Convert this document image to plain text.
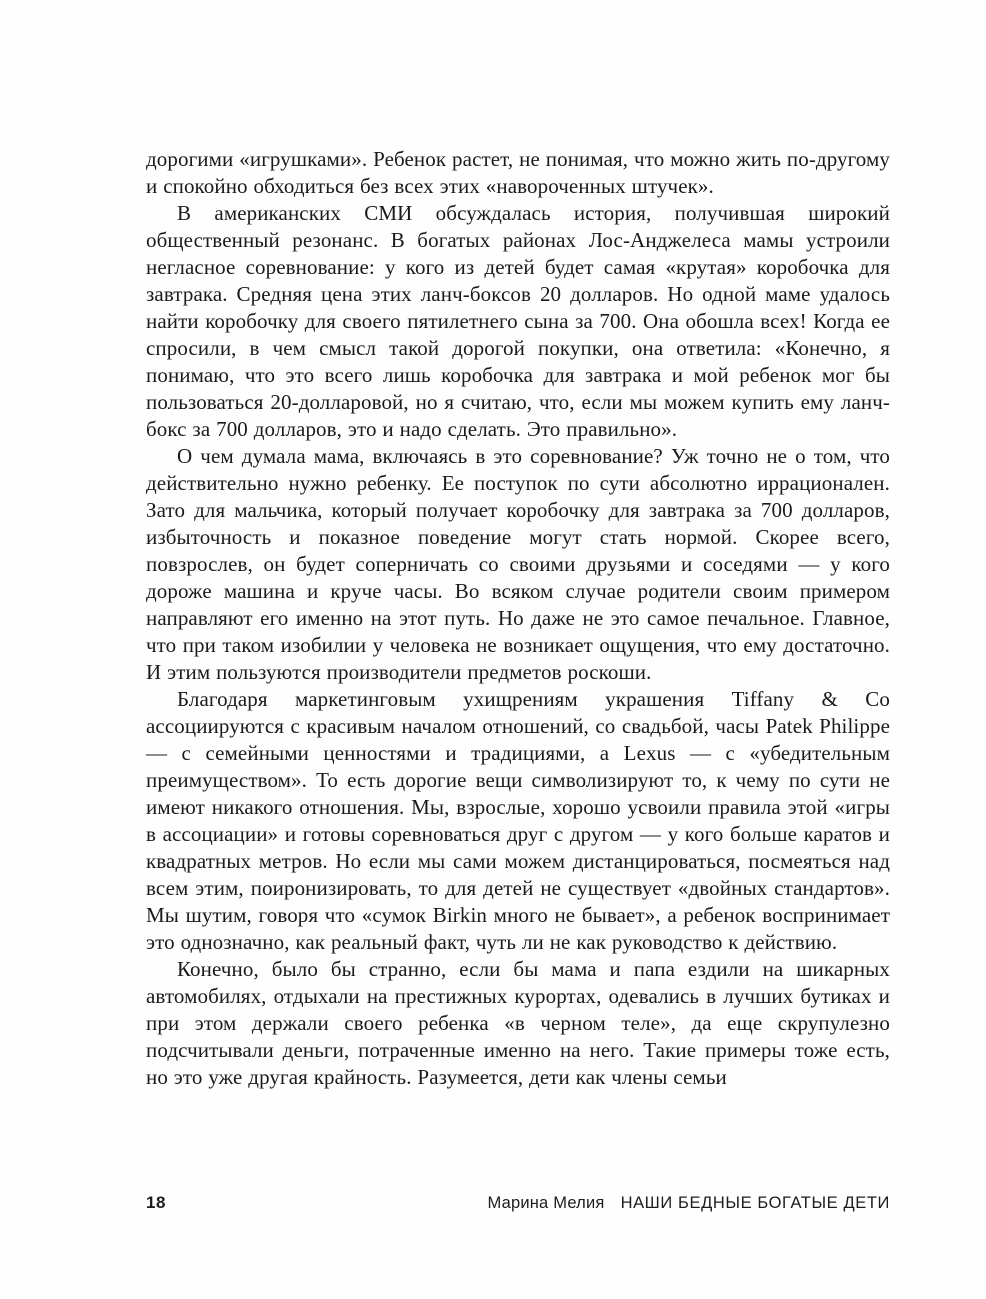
дорогими «игрушками». Ребенок растет, не понимая, что можно жить по-другому и спокойно обходиться без всех этих «навороченных штучек».

В американских СМИ обсуждалась история, получившая широкий общественный резонанс. В богатых районах Лос-Анджелеса мамы устроили негласное соревнование: у кого из детей будет самая «крутая» коробочка для завтрака. Средняя цена этих ланч-боксов 20 долларов. Но одной маме удалось найти коробочку для своего пятилетнего сына за 700. Она обошла всех! Когда ее спросили, в чем смысл такой дорогой покупки, она ответила: «Конечно, я понимаю, что это всего лишь коробочка для завтрака и мой ребенок мог бы пользоваться 20-долларовой, но я считаю, что, если мы можем купить ему ланч-бокс за 700 долларов, это и надо сделать. Это правильно».

О чем думала мама, включаясь в это соревнование? Уж точно не о том, что действительно нужно ребенку. Ее поступок по сути абсолютно иррационален. Зато для мальчика, который получает коробочку для завтрака за 700 долларов, избыточность и показное поведение могут стать нормой. Скорее всего, повзрослев, он будет соперничать со своими друзьями и соседями — у кого дороже машина и круче часы. Во всяком случае родители своим примером направляют его именно на этот путь. Но даже не это самое печальное. Главное, что при таком изобилии у человека не возникает ощущения, что ему достаточно. И этим пользуются производители предметов роскоши.

Благодаря маркетинговым ухищрениям украшения Tiffany & Co ассоциируются с красивым началом отношений, со свадьбой, часы Patek Philippe — с семейными ценностями и традициями, а Lexus — с «убедительным преимуществом». То есть дорогие вещи символизируют то, к чему по сути не имеют никакого отношения. Мы, взрослые, хорошо усвоили правила этой «игры в ассоциации» и готовы соревноваться друг с другом — у кого больше каратов и квадратных метров. Но если мы сами можем дистанцироваться, посмеяться над всем этим, поиронизировать, то для детей не существует «двойных стандартов». Мы шутим, говоря что «сумок Birkin много не бывает», а ребенок воспринимает это однозначно, как реальный факт, чуть ли не как руководство к действию.

Конечно, было бы странно, если бы мама и папа ездили на шикарных автомобилях, отдыхали на престижных курортах, одевались в лучших бутиках и при этом держали своего ребенка «в черном теле», да еще скрупулезно подсчитывали деньги, потраченные именно на него. Такие примеры тоже есть, но это уже другая крайность. Разумеется, дети как члены семьи

18	Марина Мелия НАШИ БЕДНЫЕ БОГАТЫЕ ДЕТИ
